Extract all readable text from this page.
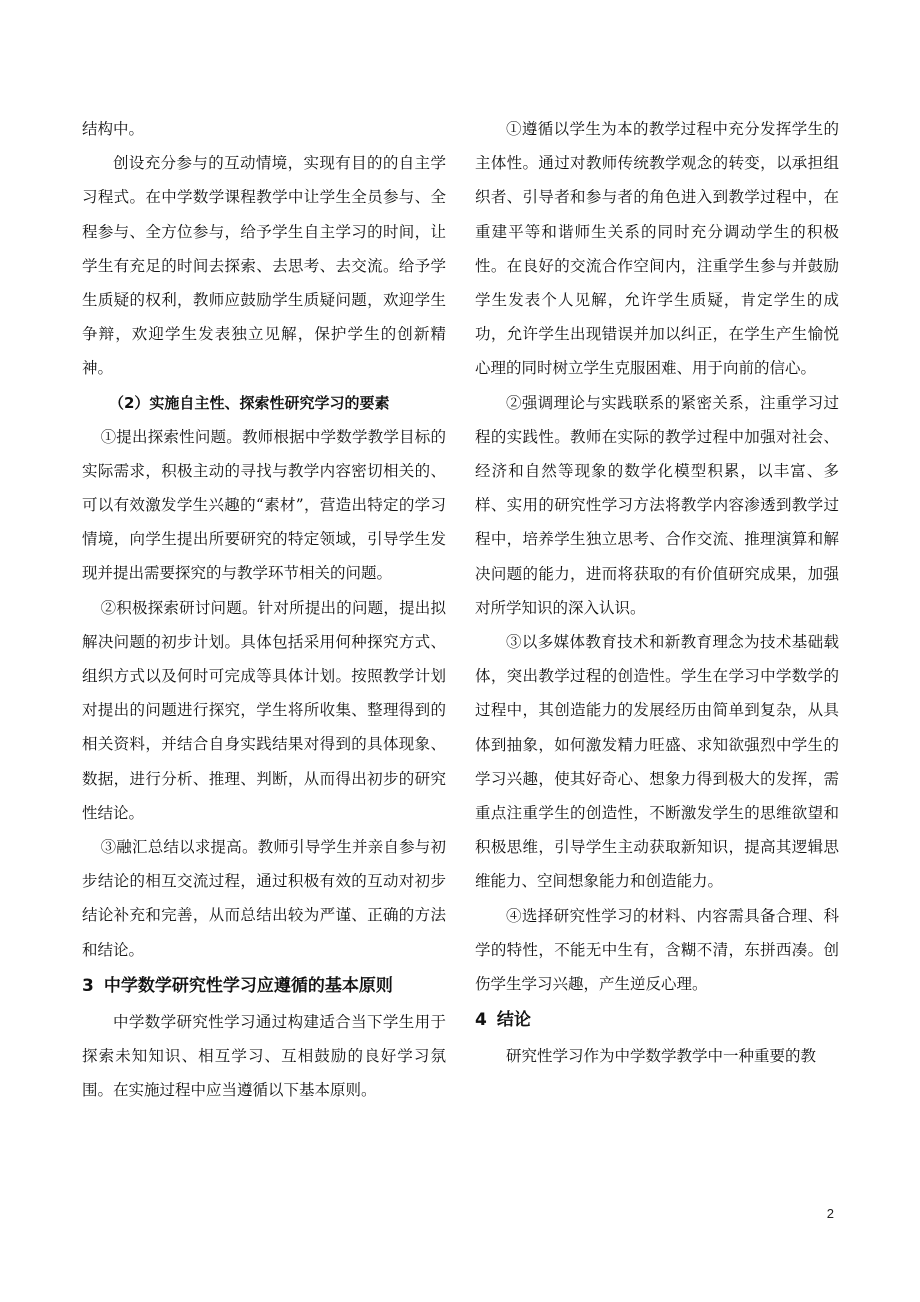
结构中。

创设充分参与的互动情境，实现有目的的自主学习程式。在中学数学课程教学中让学生全员参与、全程参与、全方位参与，给予学生自主学习的时间，让学生有充足的时间去探索、去思考、去交流。给予学生质疑的权利，教师应鼓励学生质疑问题，欢迎学生争辩，欢迎学生发表独立见解，保护学生的创新精神。

（2）实施自主性、探索性研究学习的要素

①提出探索性问题。教师根据中学数学教学目标的实际需求，积极主动的寻找与教学内容密切相关的、可以有效激发学生兴趣的“素材”，营造出特定的学习情境，向学生提出所要研究的特定领域，引导学生发现并提出需要探究的与教学环节相关的问题。

②积极探索研讨问题。针对所提出的问题，提出拟解决问题的初步计划。具体包括采用何种探究方式、组织方式以及何时可完成等具体计划。按照教学计划对提出的问题进行探究，学生将所收集、整理得到的相关资料，并结合自身实践结果对得到的具体现象、数据，进行分析、推理、判断，从而得出初步的研究性结论。

③融汇总结以求提高。教师引导学生并亲自参与初步结论的相互交流过程，通过积极有效的互动对初步结论补充和完善，从而总结出较为严谨、正确的方法和结论。

3 中学数学研究性学习应遵循的基本原则

中学数学研究性学习通过构建适合当下学生用于探索未知知识、相互学习、互相鼓励的良好学习氛围。在实施过程中应当遵循以下基本原则。

①遵循以学生为本的教学过程中充分发挥学生的主体性。通过对教师传统教学观念的转变，以承担组织者、引导者和参与者的角色进入到教学过程中，在重建平等和谐师生关系的同时充分调动学生的积极性。在良好的交流合作空间内，注重学生参与并鼓励学生发表个人见解，允许学生质疑，肯定学生的成功，允许学生出现错误并加以纠正，在学生产生愉悦心理的同时树立学生克服困难、用于向前的信心。

②强调理论与实践联系的紧密关系，注重学习过程的实践性。教师在实际的教学过程中加强对社会、经济和自然等现象的数学化模型积累，以丰富、多样、实用的研究性学习方法将教学内容渗透到教学过程中，培养学生独立思考、合作交流、推理演算和解决问题的能力，进而将获取的有价值研究成果，加强对所学知识的深入认识。

③以多媒体教育技术和新教育理念为技术基础载体，突出教学过程的创造性。学生在学习中学数学的过程中，其创造能力的发展经历由简单到复杂，从具体到抽象，如何激发精力旺盛、求知欲强烈中学生的学习兴趣，使其好奇心、想象力得到极大的发挥，需重点注重学生的创造性，不断激发学生的思维欲望和积极思维，引导学生主动获取新知识，提高其逻辑思维能力、空间想象能力和创造能力。

④选择研究性学习的材料、内容需具备合理、科学的特性，不能无中生有，含糊不清，东拼西凑。创伤学生学习兴趣，产生逆反心理。

4 结论

研究性学习作为中学数学教学中一种重要的教

2
